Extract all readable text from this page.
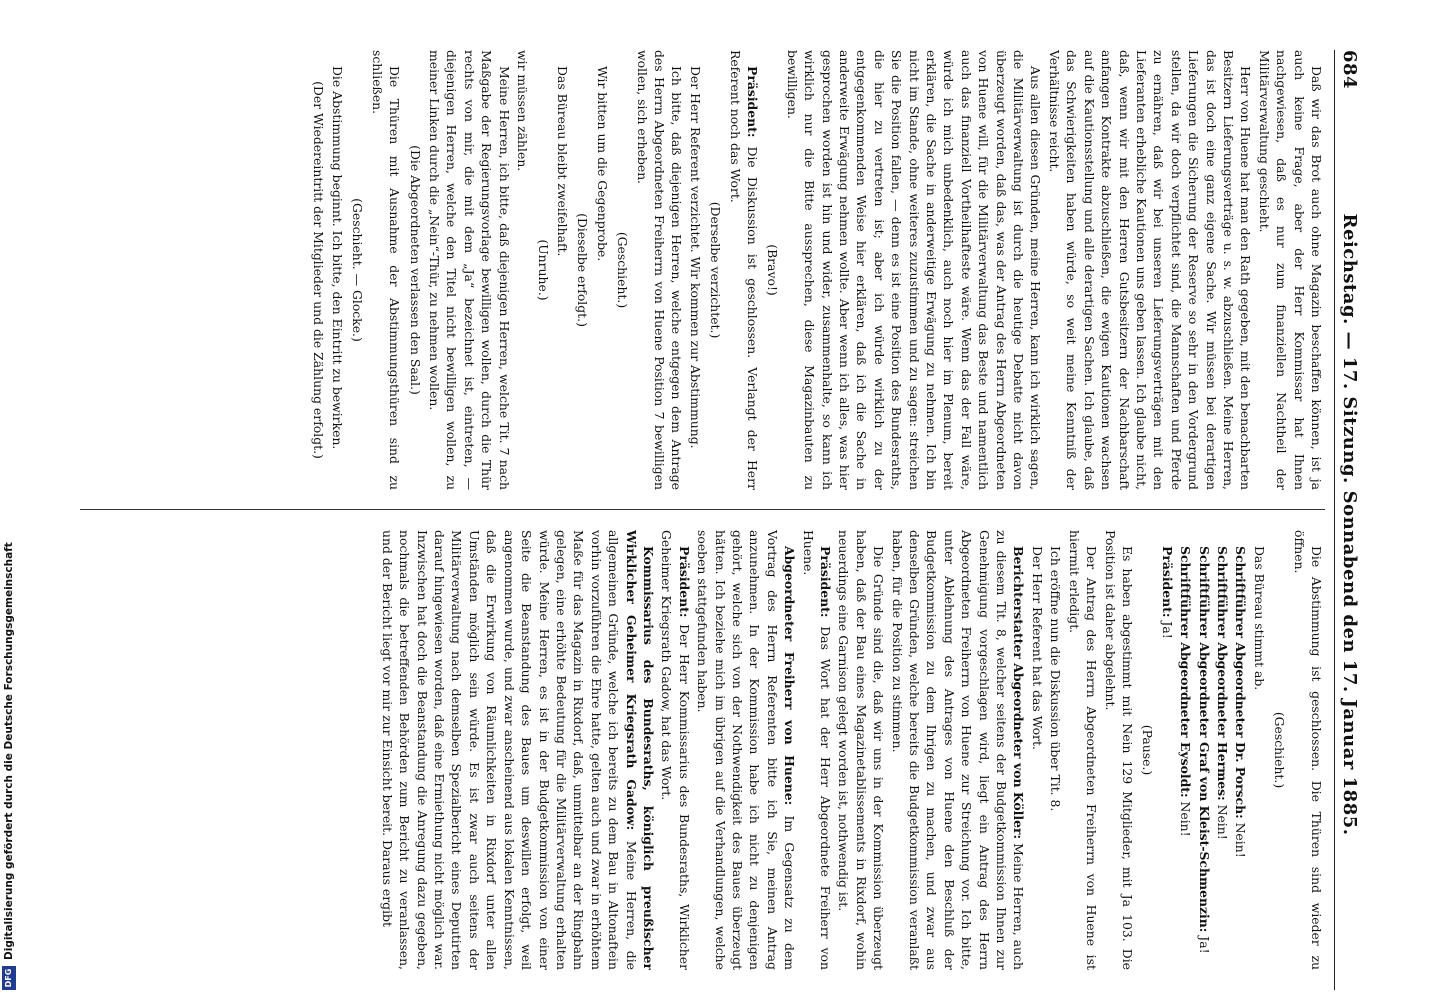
684
Reichstag. — 17. Sitzung. Sonnabend den 17. Januar 1885.

Daß wir das Brot auch ohne Magazin beschaffen können, ist ja auch keine Frage, aber der Herr Kommissar hat Ihnen nachgewiesen, daß es nur zum finanziellen Nachtheil der Militärverwaltung geschieht.

Herr von Huene hat man den Rath gegeben, mit den benachbarten Besitzern Lieferungsverträge u. s. w. abzuschließen. Meine Herren, das ist doch eine ganz eigene Sache. Wir müssen bei derartigen Lieferungen die Sicherung der Reserve so sehr in den Vordergrund stellen, da wir doch verpflichtet sind, die Mannschaften und Pferde zu ernähren, daß wir bei unseren Lieferungsverträgen mit den Lieferanten erhebliche Kautionen uns geben lassen. Ich glaube nicht, daß, wenn wir mit den Herren Gutsbesitzern der Nachbarschaft anfangen Kontrakte abzuschließen, die ewigen Kautionen wachsen auf die Kautionsstellung und alle derartigen Sachen. Ich glaube, daß das Schwierigkeiten haben würde, so weit meine Kenntniß der Verhältnisse reicht.

Aus allen diesen Gründen, meine Herren, kann ich wirklich sagen, die Militärverwaltung ist durch die heutige Debatte nicht davon überzeugt worden, daß das, was der Antrag des Herrn Abgeordneten von Huene will, für die Militärverwaltung das Beste und namentlich auch das finanziell Vortheilhafteste wäre. Wenn das der Fall wäre, würde ich mich unbedenklich, auch noch hier im Plenum, bereit erklären, die Sache in anderweitige Erwägung zu nehmen. Ich bin nicht im Stande, ohne weiteres zuzustimmen und zu sagen: streichen Sie die Position fallen, — denn es ist eine Position des Bundesraths, die hier zu vertreten ist; aber ich würde wirklich zu der entgegenkommenden Weise hier erklären, daß ich die Sache in anderweite Erwägung nehmen wollte. Aber wenn ich alles, was hier gesprochen worden ist hin und wider, zusammenhalte, so kann ich wirklich nur die Bitte aussprechen, diese Magazinbauten zu bewilligen.

(Bravo!)

Präsident: Die Diskussion ist geschlossen. Verlangt der Herr Referent noch das Wort.

(Derselbe verzichtet.)

Der Herr Referent verzichtet. Wir kommen zur Abstimmung.

Ich bitte, daß diejenigen Herren, welche entgegen dem Antrage des Herrn Abgeordneten Freiherrn von Huene Position 7 bewilligen wollen, sich erheben.

(Geschieht.)

Wir bitten um die Gegenprobe.

(Dieselbe erfolgt.)

Das Büreau bleibt zweifelhaft.

(Unruhe.)

wir müssen zählen.

Meine Herren, ich bitte, daß diejenigen Herren, welche Tit. 7 nach Maßgabe der Regierungsvorlage bewilligen wollen, durch die Thür rechts von mir, die mit dem „Ja“ bezeichnet ist, eintreten, — diejenigen Herren, welche den Titel nicht bewilligen wollen, zu meiner Linken durch die „Nein“-Thür, zu nehmen wollen.

(Die Abgeordneten verlassen den Saal.)

Die Thüren mit Ausnahme der Abstimmungsthüren sind zu schließen.

(Geschieht. — Glocke.)

Die Abstimmung beginnt. Ich bitte, den Eintritt zu bewirken.

(Der Wiedereintritt der Mitglieder und die Zählung erfolgt.)

Die Abstimmung ist geschlossen. Die Thüren sind wieder zu öffnen.

(Geschieht.)

Das Büreau stimmt ab.

Schriftführer Abgeordneter Dr. Porsch: Nein!

Schriftführer Abgeordneter Hermes: Nein!

Schriftführer Abgeordneter Graf von Kleist-Schmenzin: Ja!

Schriftführer Abgeordneter Eysoldt: Nein!

Präsident: Ja!

(Pause.)

Es haben abgestimmt mit Nein 129 Mitglieder, mit Ja 103. Die Position ist daher abgelehnt.

Der Antrag des Herrn Abgeordneten Freiherrn von Huene ist hiermit erledigt.

Ich eröffne nun die Diskussion über Tit. 8.

Der Herr Referent hat das Wort.

Berichterstatter Abgeordneter von Köller: Meine Herren, auch zu diesem Tit. 8, welcher seitens der Budgetkommission Ihnen zur Genehmigung vorgeschlagen wird, liegt ein Antrag des Herrn Abgeordneten Freiherrn von Huene zur Streichung vor. Ich bitte, unter Ablehnung des Antrages von Huene den Beschluß der Budgetkommission zu dem Ihrigen zu machen, und zwar aus denselben Gründen, welche bereits die Budgetkommission veranlaßt haben, für die Position zu stimmen.

Die Gründe sind die, daß wir uns in der Kommission überzeugt haben, daß der Bau eines Magazinetablissements in Rixdorf, wohin neuerdings eine Garnison gelegt worden ist, nothwendig ist.

Präsident: Das Wort hat der Herr Abgeordnete Freiherr von Huene.

Abgeordneter Freiherr von Huene: Im Gegensatz zu dem Vortrag des Herrn Referenten bitte ich Sie, meinen Antrag anzunehmen. In der Kommission habe ich nicht zu denjenigen gehört, welche sich von der Nothwendigkeit des Baues überzeugt hätten. Ich beziehe mich im übrigen auf die Verhandlungen, welche soeben stattgefunden haben.

Präsident: Der Herr Kommissarius des Bundesraths, Wirklicher Geheimer Kriegsrath Gadow, hat das Wort.

Kommissarius des Bundesraths, königlich preußischer Wirklicher Geheimer Kriegsrath Gadow: Meine Herren, die allgemeinen Gründe, welche ich bereits zu dem Bau in Altonaftein vorhin vorzuführen die Ehre hatte, gelten auch und zwar in erhöhtem Maße für das Magazin in Rixdorf, daß, unmittelbar an der Ringbahn gelegen, eine erhöhte Bedeutung für die Militärverwaltung erhalten würde. Meine Herren, es ist in der Budgetkommission von einer Seite die Beanstandung des Baues um deswillen erfolgt, weil angenommen wurde, und zwar anscheinend aus lokalen Kenntnissen, daß die Erwirkung von Räumlichkeiten in Rixdorf unter allen Umständen möglich sein würde. Es ist zwar auch seitens der Militärverwaltung nach demselben Spezialbericht eines Deputirten darauf hingewiesen worden, daß eine Ermiethung nicht möglich war. Inzwischen hat doch die Beanstandung die Anregung dazu gegeben, nochmals die betreffenden Behörden zum Bericht zu veranlassen, und der Bericht liegt vor mir zur Einsicht bereit. Daraus ergibt

DFG
Digitalisierung gefördert durch die Deutsche Forschungsgemeinschaft
